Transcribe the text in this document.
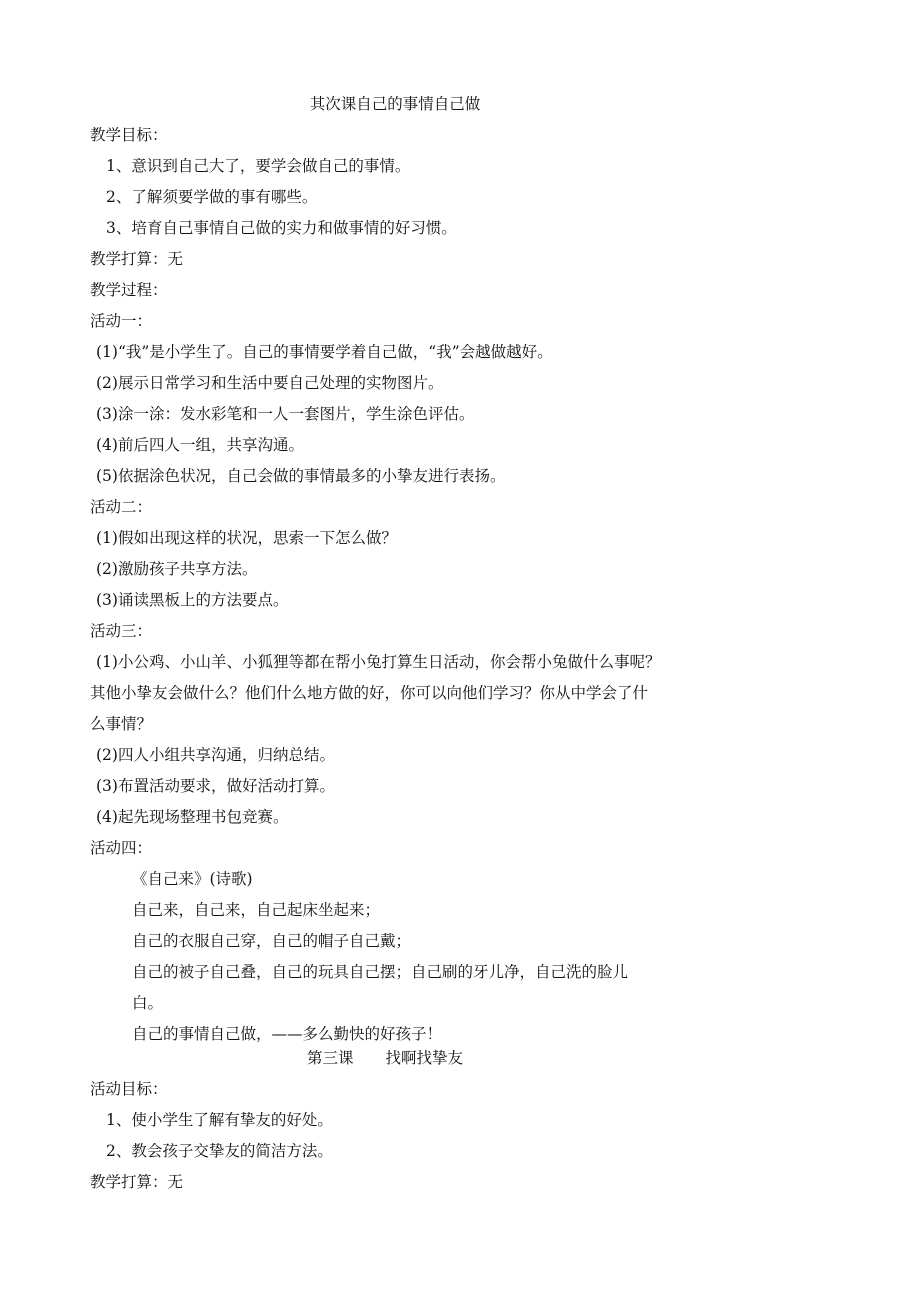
其次课自己的事情自己做
教学目标：
1、意识到自己大了，要学会做自己的事情。
2、了解须要学做的事有哪些。
3、培育自己事情自己做的实力和做事情的好习惯。
教学打算：无
教学过程：
活动一：
(1)“我”是小学生了。自己的事情要学着自己做，“我”会越做越好。
(2)展示日常学习和生活中要自己处理的实物图片。
(3)涂一涂：发水彩笔和一人一套图片，学生涂色评估。
(4)前后四人一组，共享沟通。
(5)依据涂色状况，自己会做的事情最多的小挚友进行表扬。
活动二：
(1)假如出现这样的状况，思索一下怎么做？
(2)激励孩子共享方法。
(3)诵读黑板上的方法要点。
活动三：
(1)小公鸡、小山羊、小狐狸等都在帮小兔打算生日活动，你会帮小兔做什么事呢？
其他小挚友会做什么？他们什么地方做的好，你可以向他们学习？你从中学会了什
么事情？
(2)四人小组共享沟通，归纳总结。
(3)布置活动要求，做好活动打算。
(4)起先现场整理书包竞赛。
活动四：
《自己来》(诗歌)
自己来，自己来，自己起床坐起来；
自己的衣服自己穿，自己的帽子自己戴；
自己的被子自己叠，自己的玩具自己摆；自己刷的牙儿净，自己洗的脸儿
白。
自己的事情自己做，——多么勤快的好孩子！
第三课 找啊找挚友
活动目标：
1、使小学生了解有挚友的好处。
2、教会孩子交挚友的简洁方法。
教学打算：无
